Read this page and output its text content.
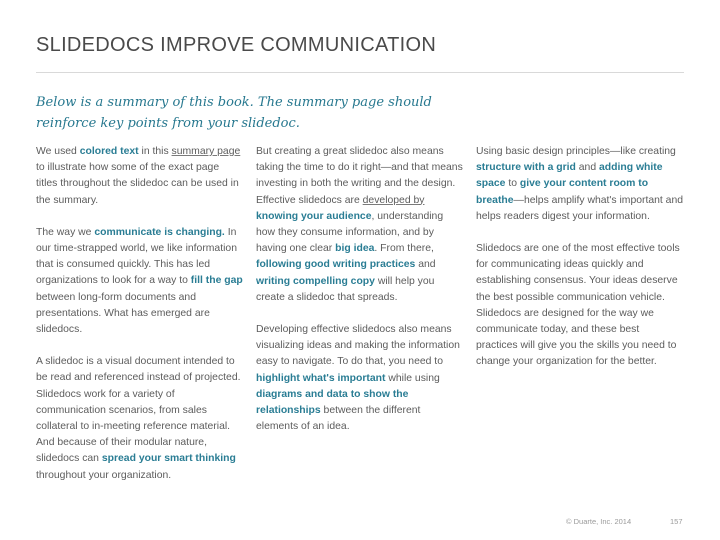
SLIDEDOCS IMPROVE COMMUNICATION
Below is a summary of this book. The summary page should reinforce key points from your slidedoc.

We used colored text in this summary page to illustrate how some of the exact page titles throughout the slidedoc can be used in the summary.

The way we communicate is changing. In our time-strapped world, we like information that is consumed quickly. This has led organizations to look for a way to fill the gap between long-form documents and presentations. What has emerged are slidedocs.

A slidedoc is a visual document intended to be read and referenced instead of projected. Slidedocs work for a variety of communication scenarios, from sales collateral to in-meeting reference material. And because of their modular nature, slidedocs can spread your smart thinking throughout your organization.

But creating a great slidedoc also means taking the time to do it right—and that means investing in both the writing and the design. Effective slidedocs are developed by knowing your audience, understanding how they consume information, and by having one clear big idea. From there, following good writing practices and writing compelling copy will help you create a slidedoc that spreads.

Developing effective slidedocs also means visualizing ideas and making the information easy to navigate. To do that, you need to highlight what's important while using diagrams and data to show the relationships between the different elements of an idea.

Using basic design principles—like creating structure with a grid and adding white space to give your content room to breathe—helps amplify what's important and helps readers digest your information.

Slidedocs are one of the most effective tools for communicating ideas quickly and establishing consensus. Your ideas deserve the best possible communication vehicle. Slidedocs are designed for the way we communicate today, and these best practices will give you the skills you need to change your organization for the better.

© Duarte, Inc. 2014	157
